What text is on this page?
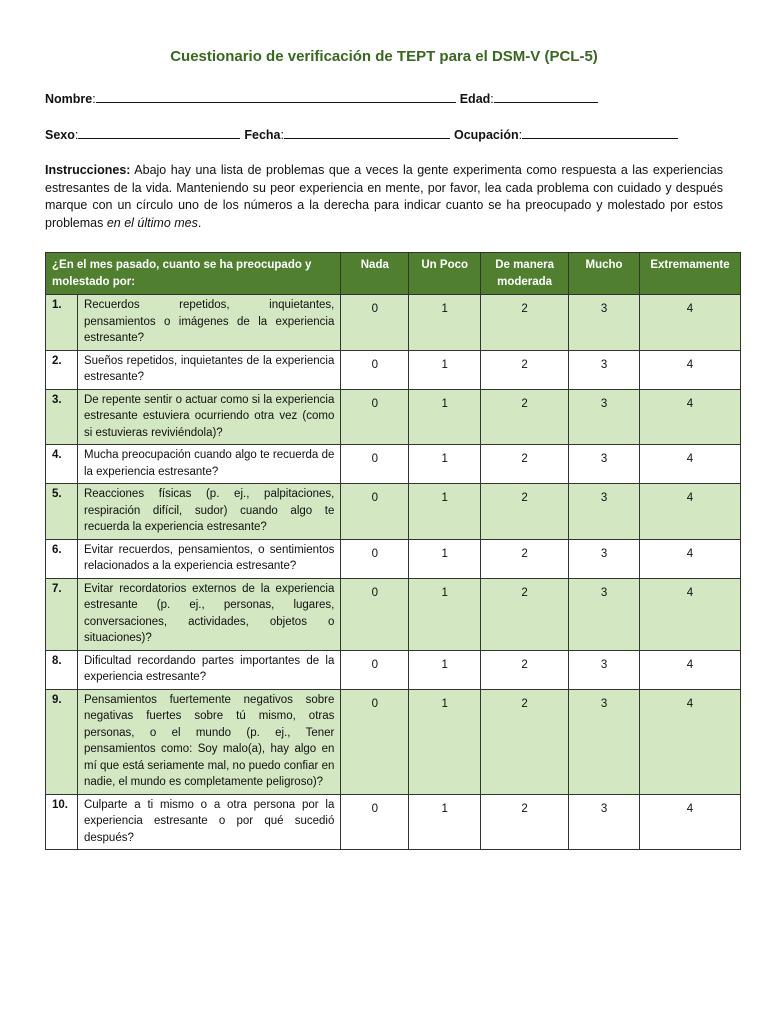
Cuestionario de verificación de TEPT para el DSM-V (PCL-5)
Nombre:	Edad:
Sexo:	Fecha:	Ocupación:

Instrucciones: Abajo hay una lista de problemas que a veces la gente experimenta como respuesta a las experiencias estresantes de la vida. Manteniendo su peor experiencia en mente, por favor, lea cada problema con cuidado y después marque con un círculo uno de los números a la derecha para indicar cuanto se ha preocupado y molestado por estos problemas en el último mes.

¿En el mes pasado, cuanto se ha preocupado y molestado por:		Nada	Un Poco	De manera moderada	Mucho	Extremamente
1.	Recuerdos repetidos, inquietantes, pensamientos o imágenes de la experiencia estresante?	0	1	2	3	4
2.	Sueños repetidos, inquietantes de la experiencia estresante?	0	1	2	3	4
3.	De repente sentir o actuar como si la experiencia estresante estuviera ocurriendo otra vez (como si estuvieras reviviéndola)?	0	1	2	3	4
4.	Mucha preocupación cuando algo te recuerda de la experiencia estresante?	0	1	2	3	4
5.	Reacciones físicas (p. ej., palpitaciones, respiración difícil, sudor) cuando algo te recuerda la experiencia estresante?	0	1	2	3	4
6.	Evitar recuerdos, pensamientos, o sentimientos relacionados a la experiencia estresante?	0	1	2	3	4
7.	Evitar recordatorios externos de la experiencia estresante (p. ej., personas, lugares, conversaciones, actividades, objetos o situaciones)?	0	1	2	3	4
8.	Dificultad recordando partes importantes de la experiencia estresante?	0	1	2	3	4
9.	Pensamientos fuertemente negativos sobre negativas fuertes sobre tú mismo, otras personas, o el mundo (p. ej., Tener pensamientos como: Soy malo(a), hay algo en mí que está seriamente mal, no puedo confiar en nadie, el mundo es completamente peligroso)?	0	1	2	3	4
10.	Culparte a ti mismo o a otra persona por la experiencia estresante o por qué sucedió después?	0	1	2	3	4
